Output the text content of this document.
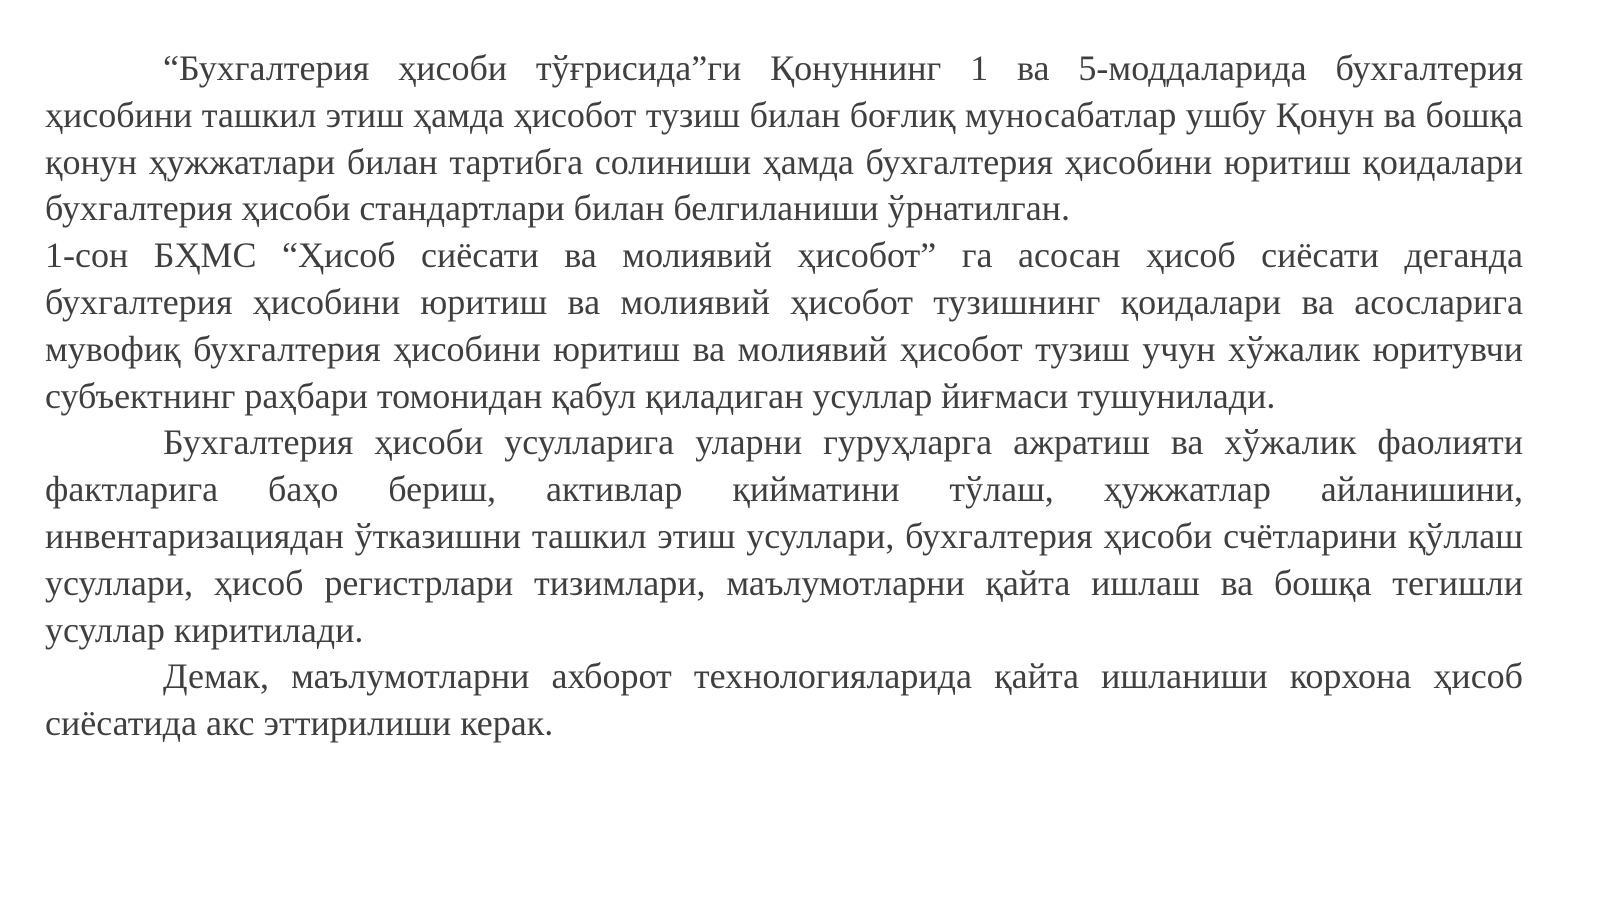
“Бухгалтерия ҳисоби тўғрисида”ги Қонуннинг 1 ва 5-моддаларида бухгалтерия ҳисобини ташкил этиш ҳамда ҳисобот тузиш билан боғлиқ муносабатлар ушбу Қонун ва бошқа қонун ҳужжатлари билан тартибга солиниши ҳамда бухгалтерия ҳисобини юритиш қоидалари бухгалтерия ҳисоби стандартлари билан белгиланиши ўрнатилган.

1-сон БҲМС “Ҳисоб сиёсати ва молиявий ҳисобот” га асосан ҳисоб сиёсати деганда бухгалтерия ҳисобини юритиш ва молиявий ҳисобот тузишнинг қоидалари ва асосларига мувофиқ бухгалтерия ҳисобини юритиш ва молиявий ҳисобот тузиш учун хўжалик юритувчи субъектнинг раҳбари томонидан қабул қиладиган усуллар йиғмаси тушунилади.

Бухгалтерия ҳисоби усулларига уларни гуруҳларга ажратиш ва хўжалик фаолияти фактларига баҳо бериш, активлар қийматини тўлаш, ҳужжатлар айланишини, инвентаризациядан ўтказишни ташкил этиш усуллари, бухгалтерия ҳисоби счётларини қўллаш усуллари, ҳисоб регистрлари тизимлари, маълумотларни қайта ишлаш ва бошқа тегишли усуллар киритилади.

Демак, маълумотларни ахборот технологияларида қайта ишланиши корхона ҳисоб сиёсатида акс эттирилиши керак.
